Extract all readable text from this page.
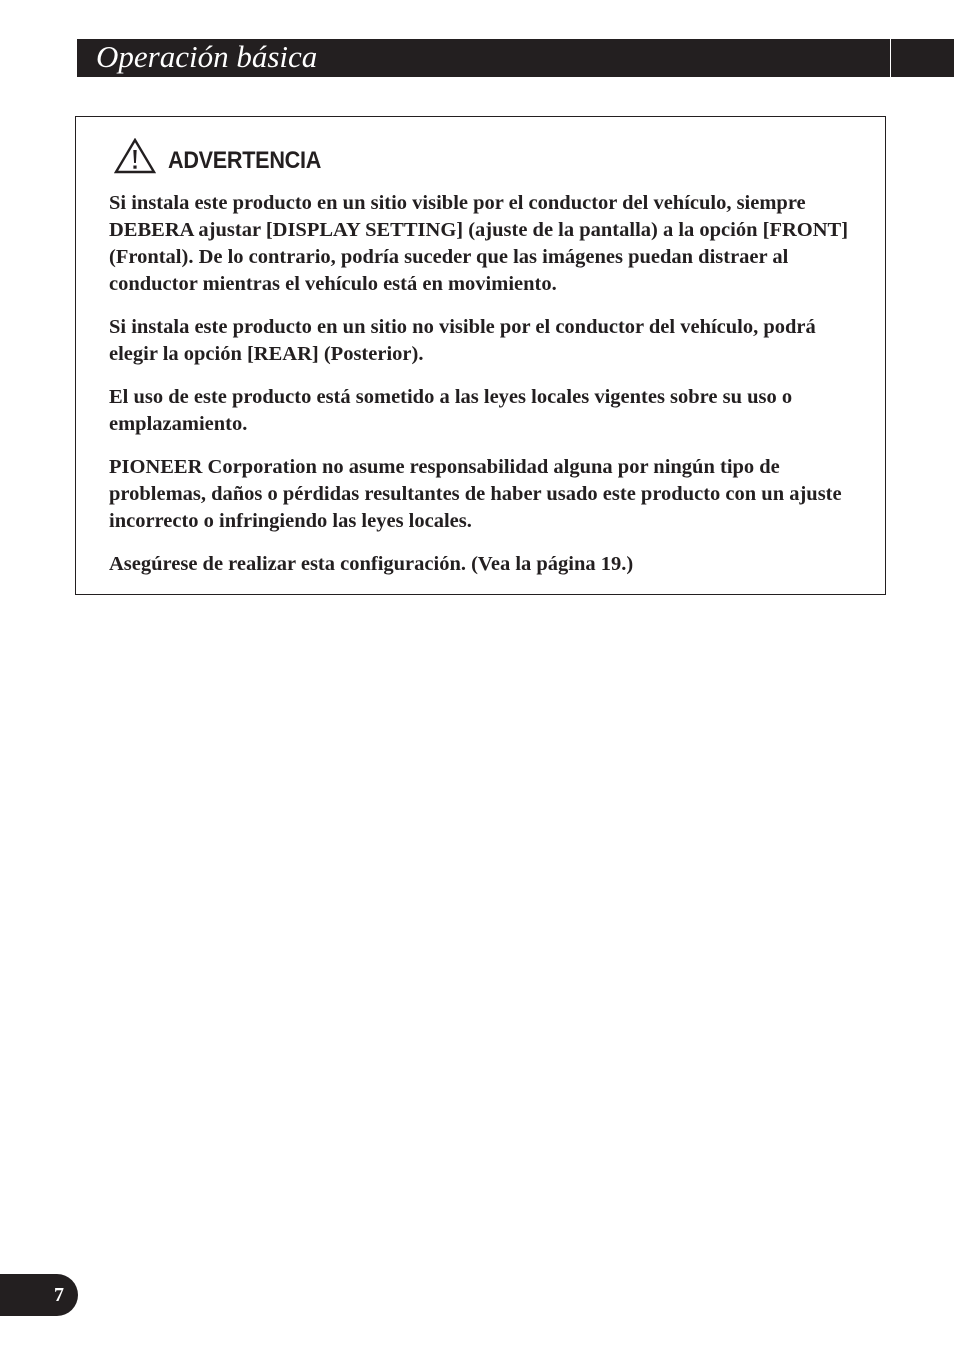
Operación básica
ADVERTENCIA

Si instala este producto en un sitio visible por el conductor del vehículo, siempre DEBERA ajustar [DISPLAY SETTING] (ajuste de la pantalla) a la opción [FRONT] (Frontal). De lo contrario, podría suceder que las imágenes puedan distraer al conductor mientras el vehículo está en movimiento.

Si instala este producto en un sitio no visible por el conductor del vehículo, podrá elegir la opción [REAR] (Posterior).

El uso de este producto está sometido a las leyes locales vigentes sobre su uso o emplazamiento.

PIONEER Corporation no asume responsabilidad alguna por ningún tipo de problemas, daños o pérdidas resultantes de haber usado este producto con un ajuste incorrecto o infringiendo las leyes locales.

Asegúrese de realizar esta configuración. (Vea la página 19.)

7
